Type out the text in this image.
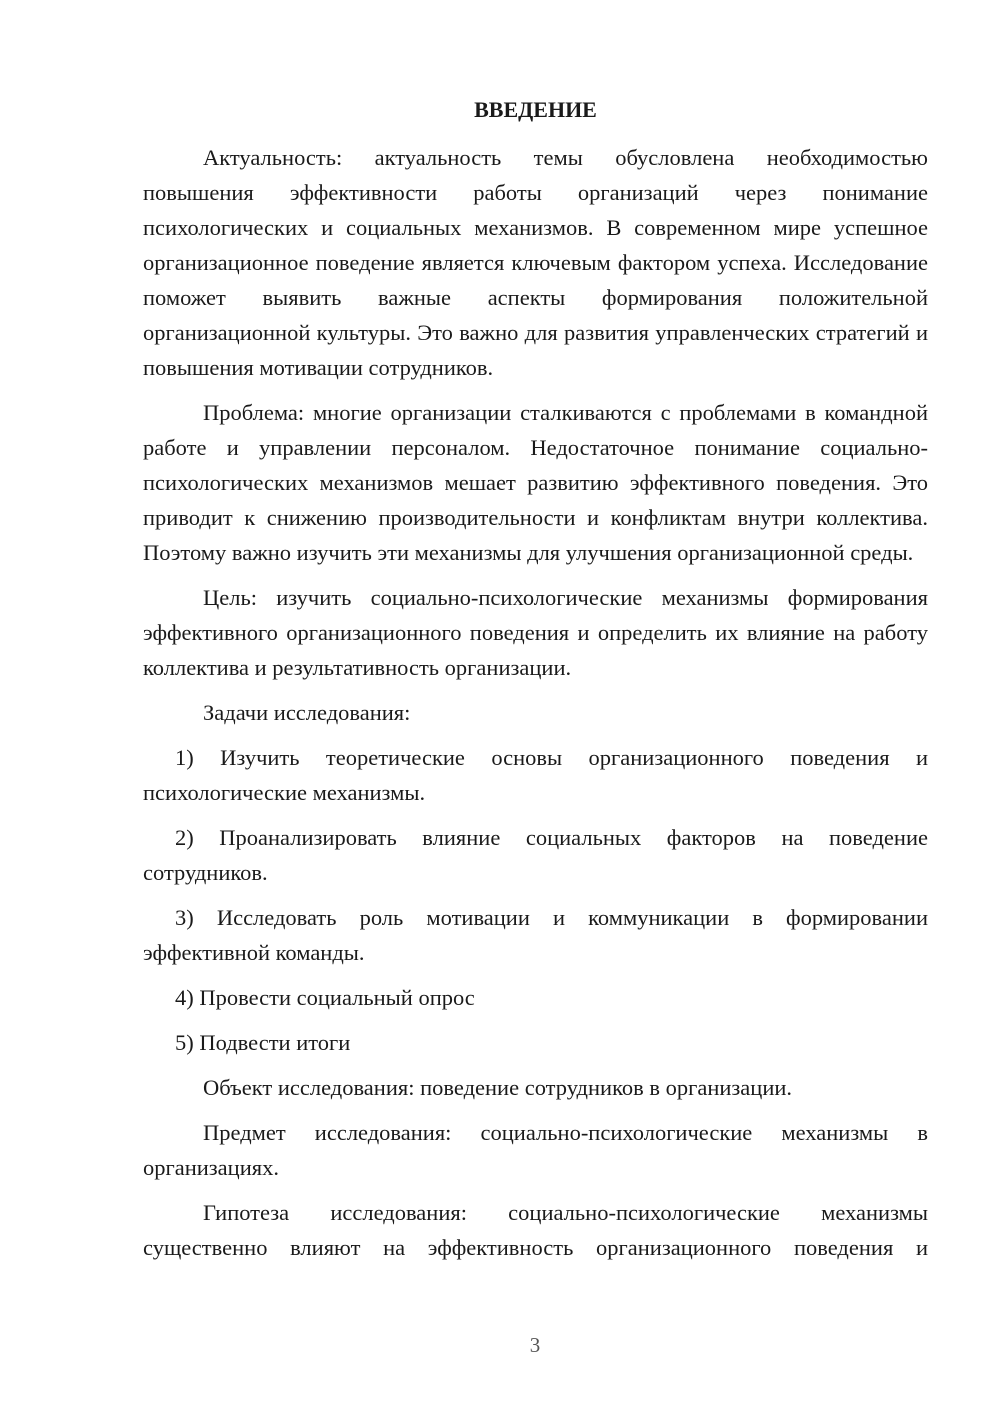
ВВЕДЕНИЕ

Актуальность: актуальность темы обусловлена необходимостью повышения эффективности работы организаций через понимание психологических и социальных механизмов. В современном мире успешное организационное поведение является ключевым фактором успеха. Исследование поможет выявить важные аспекты формирования положительной организационной культуры. Это важно для развития управленческих стратегий и повышения мотивации сотрудников.

Проблема: многие организации сталкиваются с проблемами в командной работе и управлении персоналом. Недостаточное понимание социально-психологических механизмов мешает развитию эффективного поведения. Это приводит к снижению производительности и конфликтам внутри коллектива. Поэтому важно изучить эти механизмы для улучшения организационной среды.

Цель: изучить социально-психологические механизмы формирования эффективного организационного поведения и определить их влияние на работу коллектива и результативность организации.

Задачи исследования:

1) Изучить теоретические основы организационного поведения и психологические механизмы.

2) Проанализировать влияние социальных факторов на поведение сотрудников.

3) Исследовать роль мотивации и коммуникации в формировании эффективной команды.

4) Провести социальный опрос

5) Подвести итоги

Объект исследования: поведение сотрудников в организации.

Предмет исследования: социально-психологические механизмы в организациях.

Гипотеза исследования: социально-психологические механизмы существенно влияют на эффективность организационного поведения и

3
